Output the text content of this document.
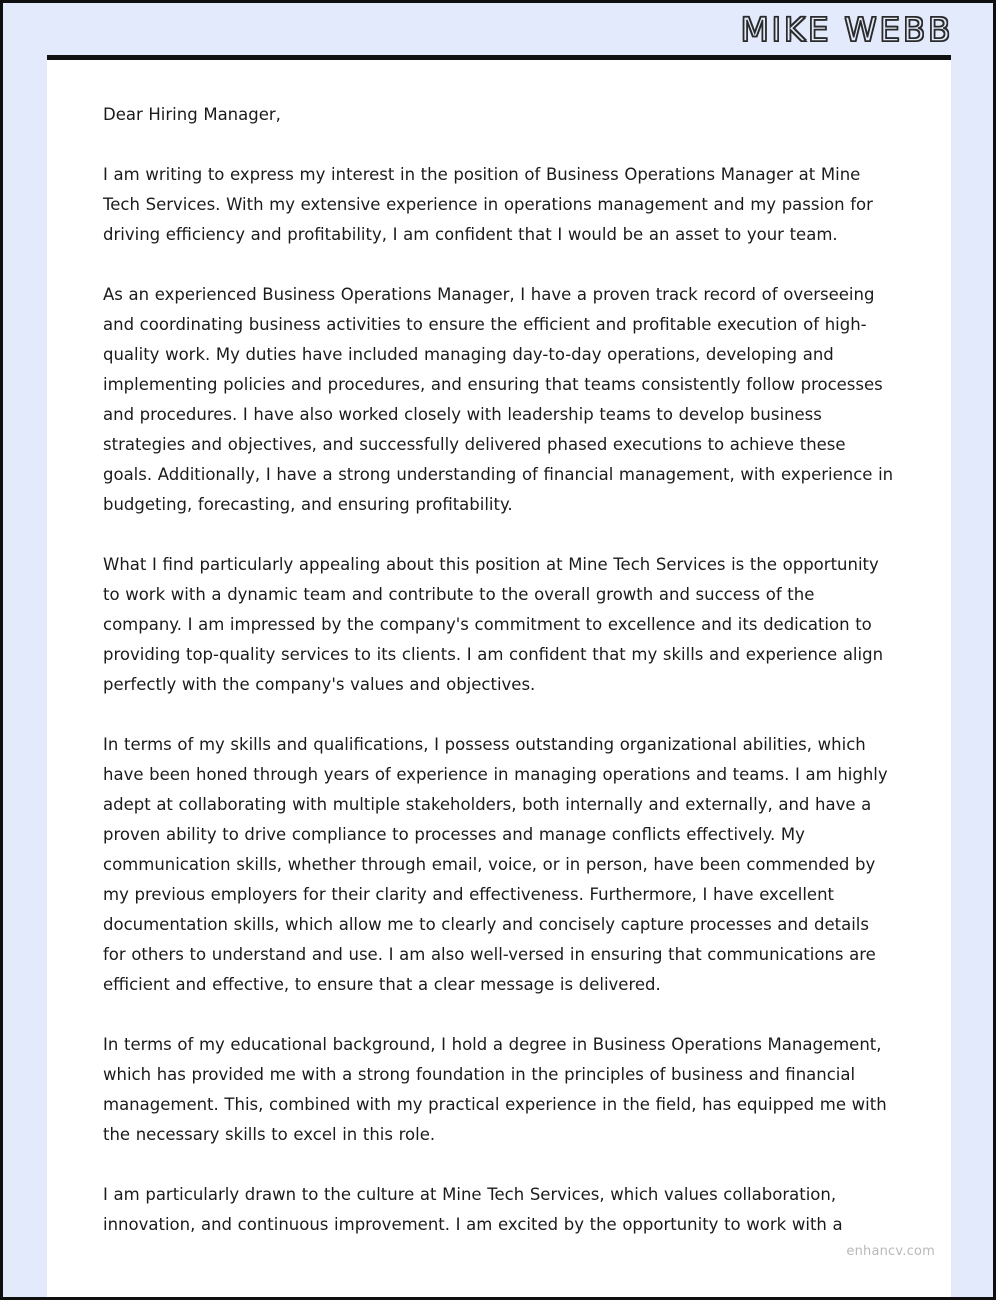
MIKE WEBB

Dear Hiring Manager,

I am writing to express my interest in the position of Business Operations Manager at Mine Tech Services. With my extensive experience in operations management and my passion for driving efficiency and profitability, I am confident that I would be an asset to your team.

As an experienced Business Operations Manager, I have a proven track record of overseeing and coordinating business activities to ensure the efficient and profitable execution of high-quality work. My duties have included managing day-to-day operations, developing and implementing policies and procedures, and ensuring that teams consistently follow processes and procedures. I have also worked closely with leadership teams to develop business strategies and objectives, and successfully delivered phased executions to achieve these goals. Additionally, I have a strong understanding of financial management, with experience in budgeting, forecasting, and ensuring profitability.

What I find particularly appealing about this position at Mine Tech Services is the opportunity to work with a dynamic team and contribute to the overall growth and success of the company. I am impressed by the company's commitment to excellence and its dedication to providing top-quality services to its clients. I am confident that my skills and experience align perfectly with the company's values and objectives.

In terms of my skills and qualifications, I possess outstanding organizational abilities, which have been honed through years of experience in managing operations and teams. I am highly adept at collaborating with multiple stakeholders, both internally and externally, and have a proven ability to drive compliance to processes and manage conflicts effectively. My communication skills, whether through email, voice, or in person, have been commended by my previous employers for their clarity and effectiveness. Furthermore, I have excellent documentation skills, which allow me to clearly and concisely capture processes and details for others to understand and use. I am also well-versed in ensuring that communications are efficient and effective, to ensure that a clear message is delivered.

In terms of my educational background, I hold a degree in Business Operations Management, which has provided me with a strong foundation in the principles of business and financial management. This, combined with my practical experience in the field, has equipped me with the necessary skills to excel in this role.

I am particularly drawn to the culture at Mine Tech Services, which values collaboration, innovation, and continuous improvement. I am excited by the opportunity to work with a

enhancv.com
